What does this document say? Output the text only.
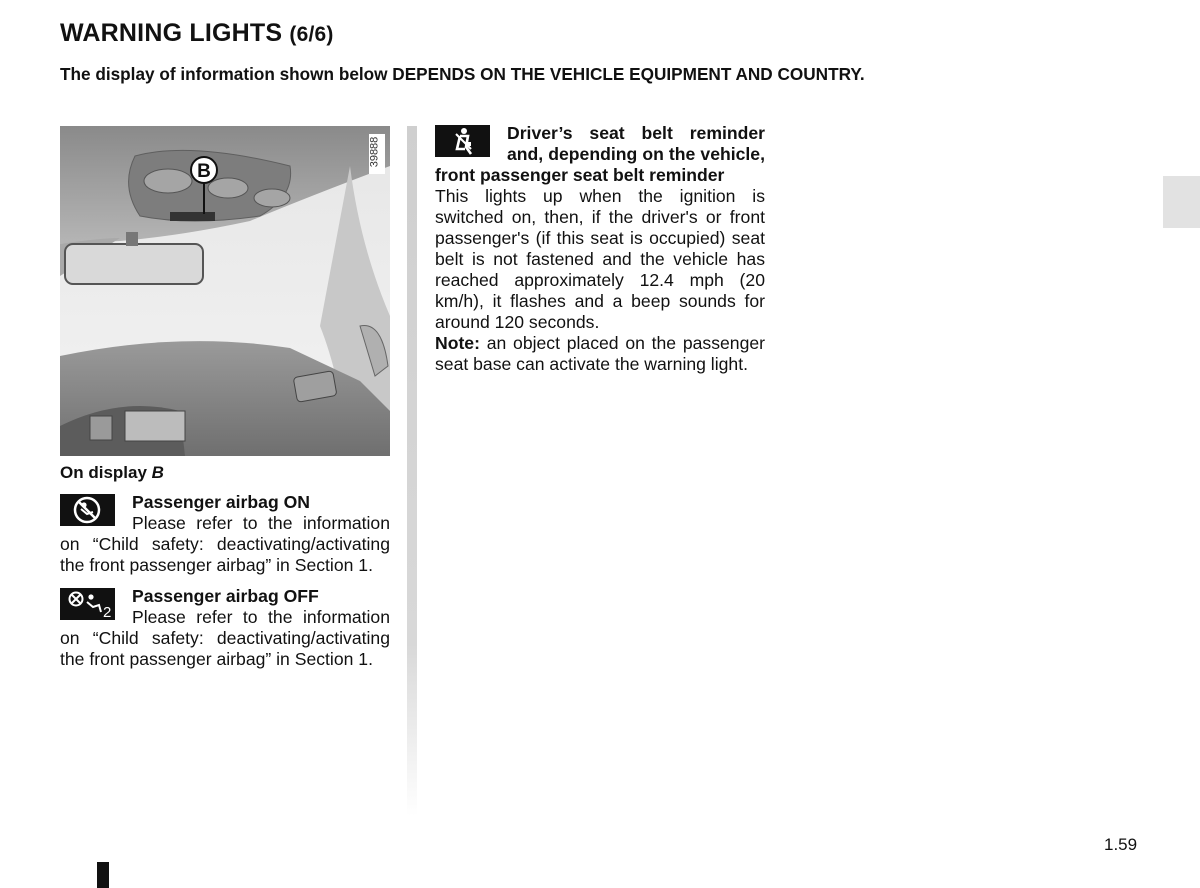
WARNING LIGHTS (6/6)
The display of information shown below DEPENDS ON THE VEHICLE EQUIPMENT AND COUNTRY.
B
39888
On display B
Passenger airbag ON
Please refer to the information on “Child safety: deactivating/activating the front passenger airbag” in Section 1.
2
Passenger airbag OFF
Please refer to the information on “Child safety: deactivating/activating the front passenger airbag” in Section 1.
Driver’s seat belt reminder and, depending on the vehicle, front passenger seat belt reminder
This lights up when the ignition is switched on, then, if the driver's or front passenger's (if this seat is occupied) seat belt is not fastened and the vehicle has reached approximately 12.4 mph (20 km/h), it flashes and a beep sounds for around 120 seconds.
Note: an object placed on the passenger seat base can activate the warning light.
1.59
